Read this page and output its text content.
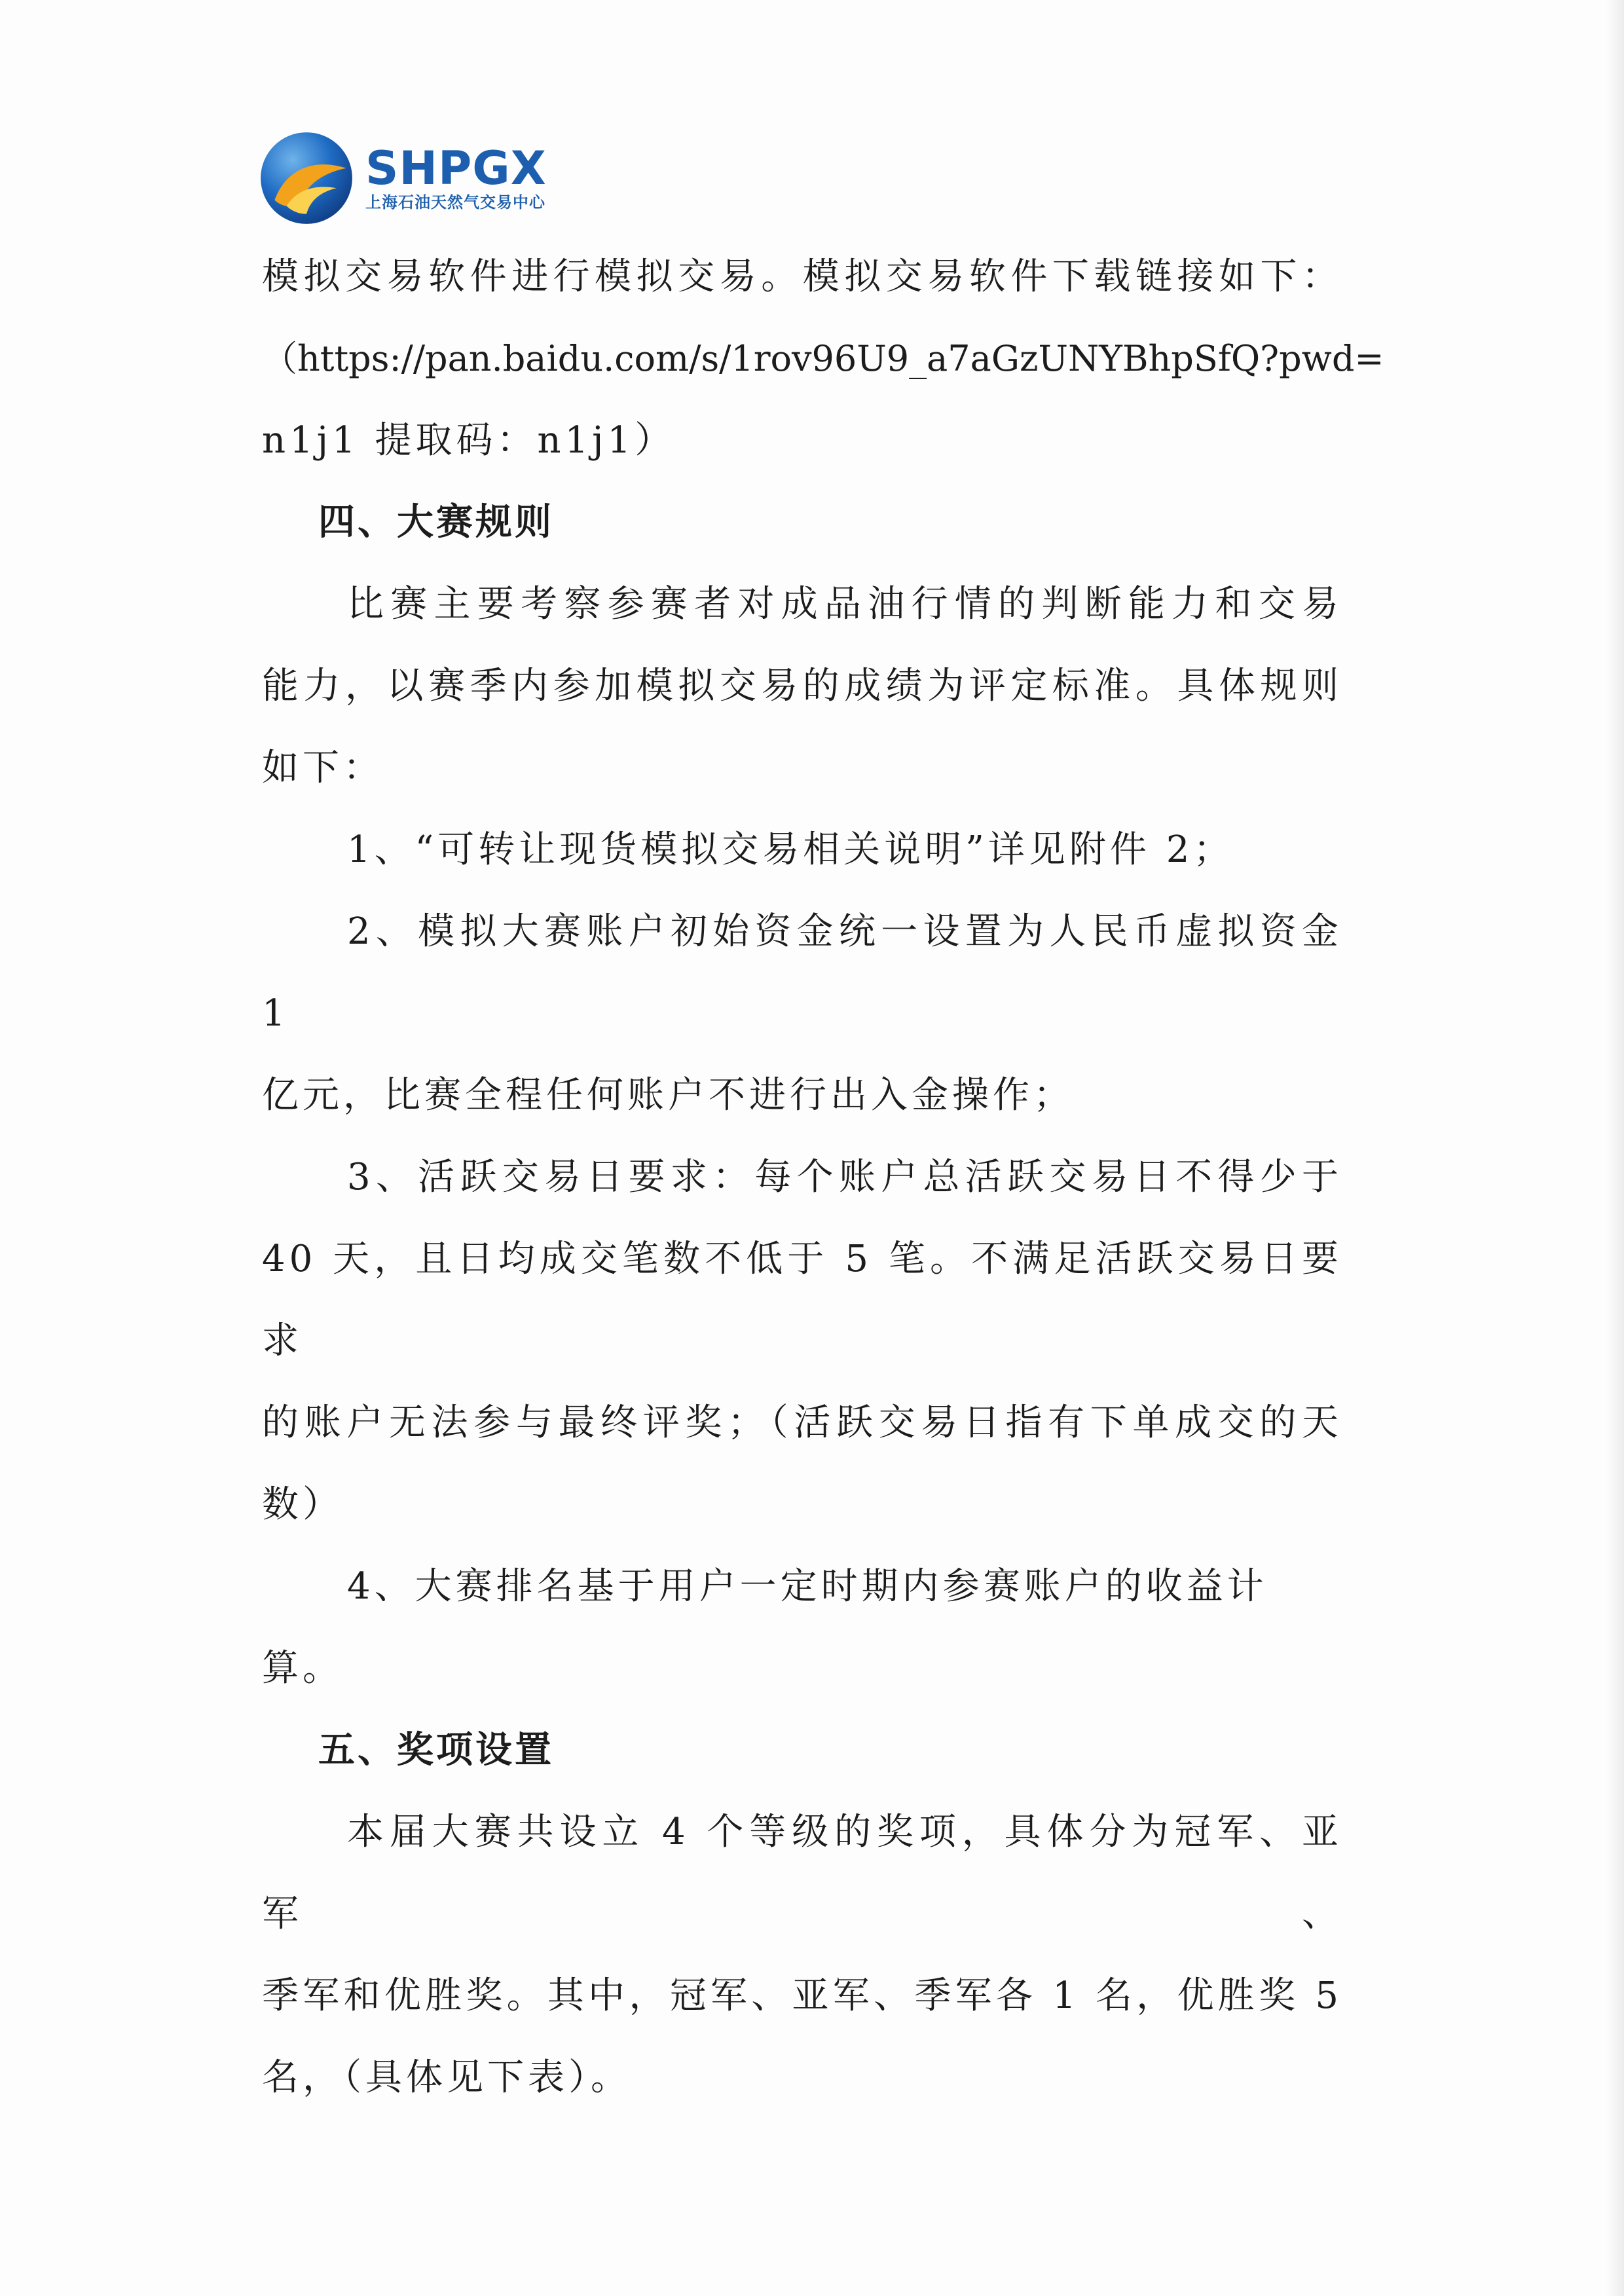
SHPGX
上海石油天然气交易中心

模拟交易软件进行模拟交易。模拟交易软件下载链接如下：

（https://pan.baidu.com/s/1rov96U9_a7aGzUNYBhpSfQ?pwd=

n1j1 提取码：n1j1）

四、大赛规则

比赛主要考察参赛者对成品油行情的判断能力和交易

能力，以赛季内参加模拟交易的成绩为评定标准。具体规则

如下：

1、“可转让现货模拟交易相关说明”详见附件 2；

2、模拟大赛账户初始资金统一设置为人民币虚拟资金 1

亿元，比赛全程任何账户不进行出入金操作；

3、活跃交易日要求：每个账户总活跃交易日不得少于

40 天，且日均成交笔数不低于 5 笔。不满足活跃交易日要求

的账户无法参与最终评奖；（活跃交易日指有下单成交的天

数）

4、大赛排名基于用户一定时期内参赛账户的收益计算。

五、奖项设置

本届大赛共设立 4 个等级的奖项，具体分为冠军、亚军、

季军和优胜奖。其中，冠军、亚军、季军各 1 名，优胜奖 5

名，（具体见下表）。
